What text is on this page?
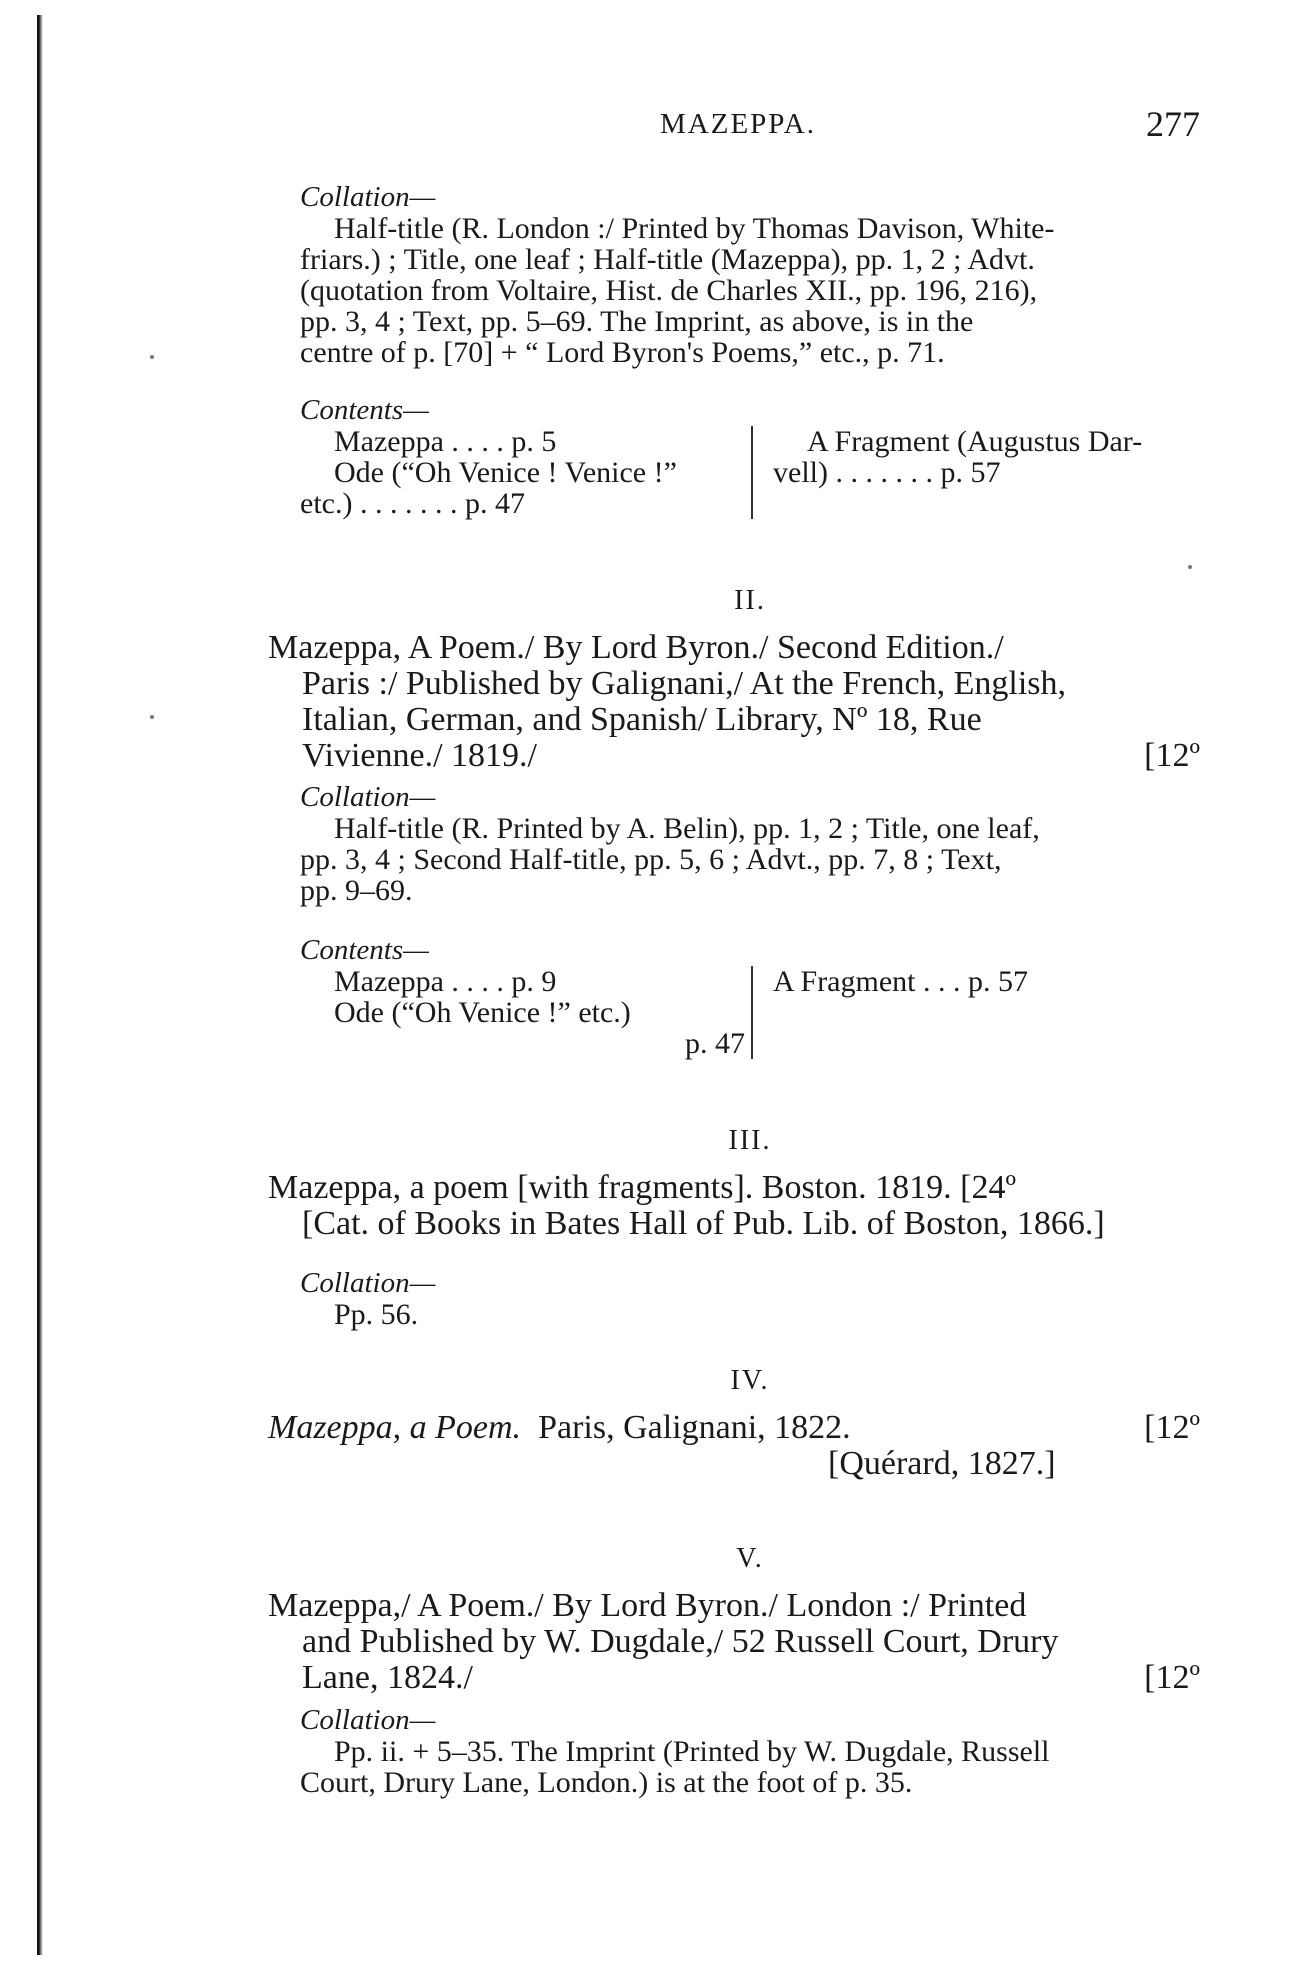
MAZEPPA.	277
Collation—
Half-title (R. London :/ Printed by Thomas Davison, White-
friars.) ; Title, one leaf ; Half-title (Mazeppa), pp. 1, 2 ; Advt.
(quotation from Voltaire, Hist. de Charles XII., pp. 196, 216),
pp. 3, 4 ; Text, pp. 5–69. The Imprint, as above, is in the
centre of p. [70] + “ Lord Byron's Poems,” etc., p. 71.
Contents—
Mazeppa . . . . p. 5
Ode (“Oh Venice ! Venice !”
etc.) . . . . . . . p. 47
A Fragment (Augustus Dar-
vell) . . . . . . . p. 57
II.
Mazeppa, A Poem./ By Lord Byron./ Second Edition./
Paris :/ Published by Galignani,/ At the French, English,
Italian, German, and Spanish/ Library, Nº 18, Rue
Vivienne./ 1819./	[12º
Collation—
Half-title (R. Printed by A. Belin), pp. 1, 2 ; Title, one leaf,
pp. 3, 4 ; Second Half-title, pp. 5, 6 ; Advt., pp. 7, 8 ; Text,
pp. 9–69.
Contents—
Mazeppa . . . . p. 9
Ode (“Oh Venice !” etc.)
p. 47
A Fragment . . . p. 57
III.
Mazeppa, a poem [with fragments]. Boston. 1819. [24º
[Cat. of Books in Bates Hall of Pub. Lib. of Boston, 1866.]
Collation—
Pp. 56.
IV.
Mazeppa, a Poem. Paris, Galignani, 1822.	[12º
[Quérard, 1827.]
V.
Mazeppa,/ A Poem./ By Lord Byron./ London :/ Printed
and Published by W. Dugdale,/ 52 Russell Court, Drury
Lane, 1824./	[12º
Collation—
Pp. ii. + 5–35. The Imprint (Printed by W. Dugdale, Russell
Court, Drury Lane, London.) is at the foot of p. 35.
